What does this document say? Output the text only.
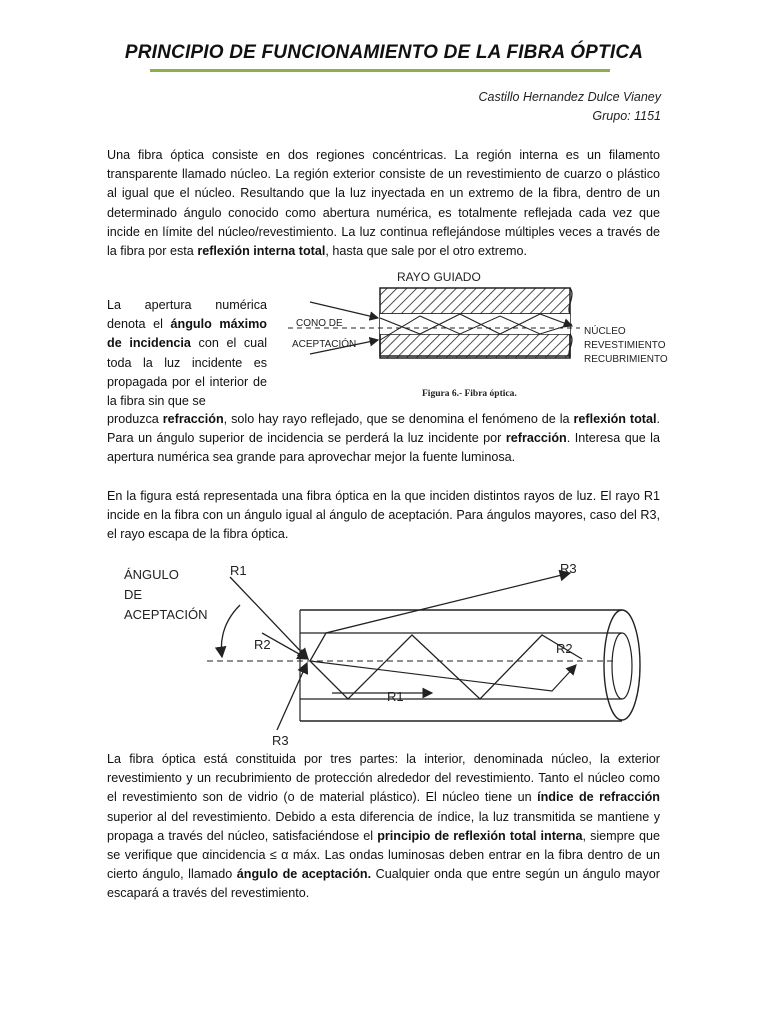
PRINCIPIO DE FUNCIONAMIENTO DE LA FIBRA ÓPTICA
Castillo Hernandez Dulce Vianey
Grupo: 1151
Una fibra óptica consiste en dos regiones concéntricas. La región interna es un filamento transparente llamado núcleo. La región exterior consiste de un revestimiento de cuarzo o plástico al igual que el núcleo. Resultando que la luz inyectada en un extremo de la fibra, dentro de un determinado ángulo conocido como abertura numérica, es totalmente reflejada cada vez que incide en límite del núcleo/revestimiento. La luz continua reflejándose múltiples veces a través de la fibra por esta reflexión interna total, hasta que sale por el otro extremo.
La apertura numérica denota el ángulo máximo de incidencia con el cual toda la luz incidente es propagada por el interior de la fibra sin que se
RAYO GUIADO
CONO DE
ACEPTACIÓN
NÚCLEO
REVESTIMIENTO
RECUBRIMIENTO
Figura 6.- Fibra óptica.
produzca refracción, solo hay rayo reflejado, que se denomina el fenómeno de la reflexión total. Para un ángulo superior de incidencia se perderá la luz incidente por refracción. Interesa que la apertura numérica sea grande para aprovechar mejor la fuente luminosa.
En la figura está representada una fibra óptica en la que inciden distintos rayos de luz. El rayo R1 incide en la fibra con un ángulo igual al ángulo de aceptación. Para ángulos mayores, caso del R3, el rayo escapa de la fibra óptica.
ÁNGULO
DE
ACEPTACIÓN
R1
R2
R3
R3
R2
R1
La fibra óptica está constituida por tres partes: la interior, denominada núcleo, la exterior revestimiento y un recubrimiento de protección alrededor del revestimiento. Tanto el núcleo como el revestimiento son de vidrio (o de material plástico). El núcleo tiene un índice de refracción superior al del revestimiento. Debido a esta diferencia de índice, la luz transmitida se mantiene y propaga a través del núcleo, satisfaciéndose el principio de reflexión total interna, siempre que se verifique que αincidencia ≤ α máx. Las ondas luminosas deben entrar en la fibra dentro de un cierto ángulo, llamado ángulo de aceptación. Cualquier onda que entre según un ángulo mayor escapará a través del revestimiento.
